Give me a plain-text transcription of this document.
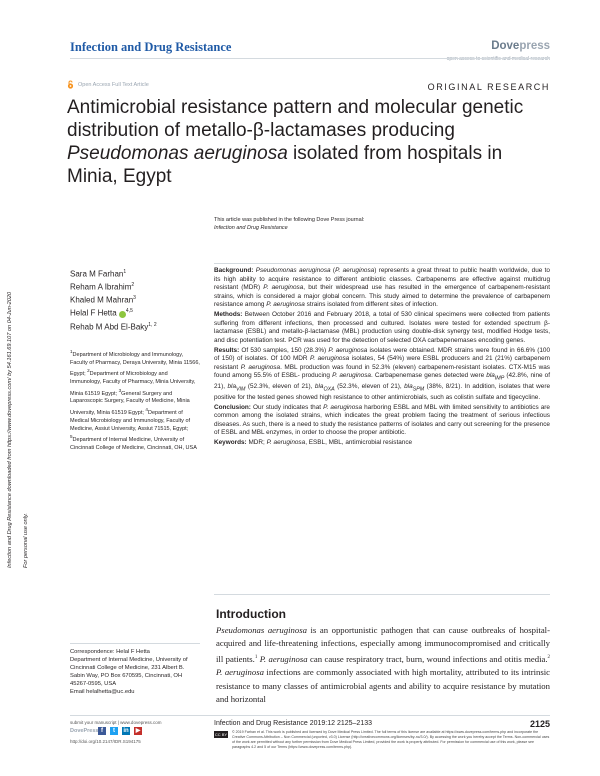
Infection and Drug Resistance	Dovepress
open access to scientific and medical research
Open Access Full Text Article	ORIGINAL RESEARCH
Antimicrobial resistance pattern and molecular genetic distribution of metallo-β-lactamases producing Pseudomonas aeruginosa isolated from hospitals in Minia, Egypt
This article was published in the following Dove Press journal:
Infection and Drug Resistance
Infection and Drug Resistance downloaded from https://www.dovepress.com/ by 54.161.69.107 on 04-Jun-2020 For personal use only.
Sara M Farhan$^1$
Reham A Ibrahim$^2$
Khaled M Mahran$^3$
Helal F Hetta $^{4,5}$
Rehab M Abd El-Baky$^{1, 2}$
$^1$Department of Microbiology and Immunology, Faculty of Pharmacy, Deraya University, Minia 11566, Egypt; $^2$Department of Microbiology and Immunology, Faculty of Pharmacy, Minia University, Minia 61519 Egypt; $^3$General Surgery and Laparoscopic Surgery, Faculty of Medicine, Minia University, Minia 61519 Egypt; $^4$Department of Medical Microbiology and Immunology, Faculty of Medicine, Assiut University, Assiut 71515, Egypt; $^5$Department of Internal Medicine, University of Cincinnati College of Medicine, Cincinnati, OH, USA

Background: Pseudomonas aeruginosa (P. aeruginosa) represents a great threat to public health worldwide, due to its high ability to acquire resistance to different antibiotic classes. Carbapenems are effective against multidrug resistant (MDR) P. aeruginosa, but their widespread use has resulted in the emergence of carbapenem-resistant strains, which is considered a major global concern. This study aimed to determine the prevalence of carbapenem resistance among P. aeruginosa strains isolated from different sites of infection.

Methods: Between October 2016 and February 2018, a total of 530 clinical specimens were collected from patients suffering from different infections, then processed and cultured. Isolates were tested for extended spectrum β-lactamase (ESBL) and metallo-β-lactamase (MBL) production using double-disk synergy test, modified Hodge tests, and disc potentiation test. PCR was used for the detection of selected OXA carbapenemases encoding genes.

Results: Of 530 samples, 150 (28.3%) P. aeruginosa isolates were obtained. MDR strains were found in 66.6% (100 of 150) of isolates. Of 100 MDR P. aeruginosa isolates, 54 (54%) were ESBL producers and 21 (21%) carbapenem resistant P. aeruginosa. MBL production was found in 52.3% (eleven) carbapenem-resistant isolates. CTX-M15 was found among 55.5% of ESBL- producing P. aeruginosa. Carbapenemase genes detected were bla$_{IMP}$ (42.8%, nine of 21), bla$_{VIM}$ (52.3%, eleven of 21), bla$_{OXA}$ (52.3%, eleven of 21), bla$_{SPM}$ (38%, 8/21). In addition, isolates that were positive for the tested genes showed high resistance to other antimicrobials, such as colistin sulfate and tigecycline.

Conclusion: Our study indicates that P. aeruginosa harboring ESBL and MBL with limited sensitivity to antibiotics are common among the isolated strains, which indicates the great problem facing the treatment of serious infectious diseases. As such, there is a need to study the resistance patterns of isolates and carry out screening for the presence of ESBL and MBL enzymes, in order to choose the proper antibiotic.

Keywords: MDR; P. aeruginosa, ESBL, MBL, antimicrobial resistance

Introduction
Pseudomonas aeruginosa is an opportunistic pathogen that can cause outbreaks of hospital-acquired and life-threatening infections, especially among immunocompromised and critically ill patients.$^1$ P. aeruginosa can cause respiratory tract, burn, wound infections and otitis media.$^2$ P. aeruginosa infections are commonly associated with high mortality, attributed to its intrinsic resistance to many classes of antimicrobial agents and ability to acquire resistance by mutation and horizontal
Correspondence: Helal F Hetta
Department of Internal Medicine, University of Cincinnati College of Medicine, 231 Albert B. Sabin Way, PO Box 670595, Cincinnati, OH 45267-0595, USA
Email helalhetta@uc.edu
submit your manuscript | www.dovepress.com
DovePress f	t	in ▶
http://doi.org/10.2147/IDR.S194175
Infection and Drug Resistance 2019:12 2125–2133	2125
CC BY NC
© 2019 Farhan et al. This work is published and licensed by Dove Medical Press Limited. The full terms of this license are available at https://www.dovepress.com/terms.php and incorporate the Creative Commons Attribution – Non Commercial (unported, v3.0) License (http://creativecommons.org/licenses/by-nc/3.0/). By accessing the work you hereby accept the Terms. Non-commercial uses of the work are permitted without any further permission from Dove Medical Press Limited, provided the work is properly attributed. For permission for commercial use of this work, please see paragraphs 4.2 and 5 of our Terms (https://www.dovepress.com/terms.php).
